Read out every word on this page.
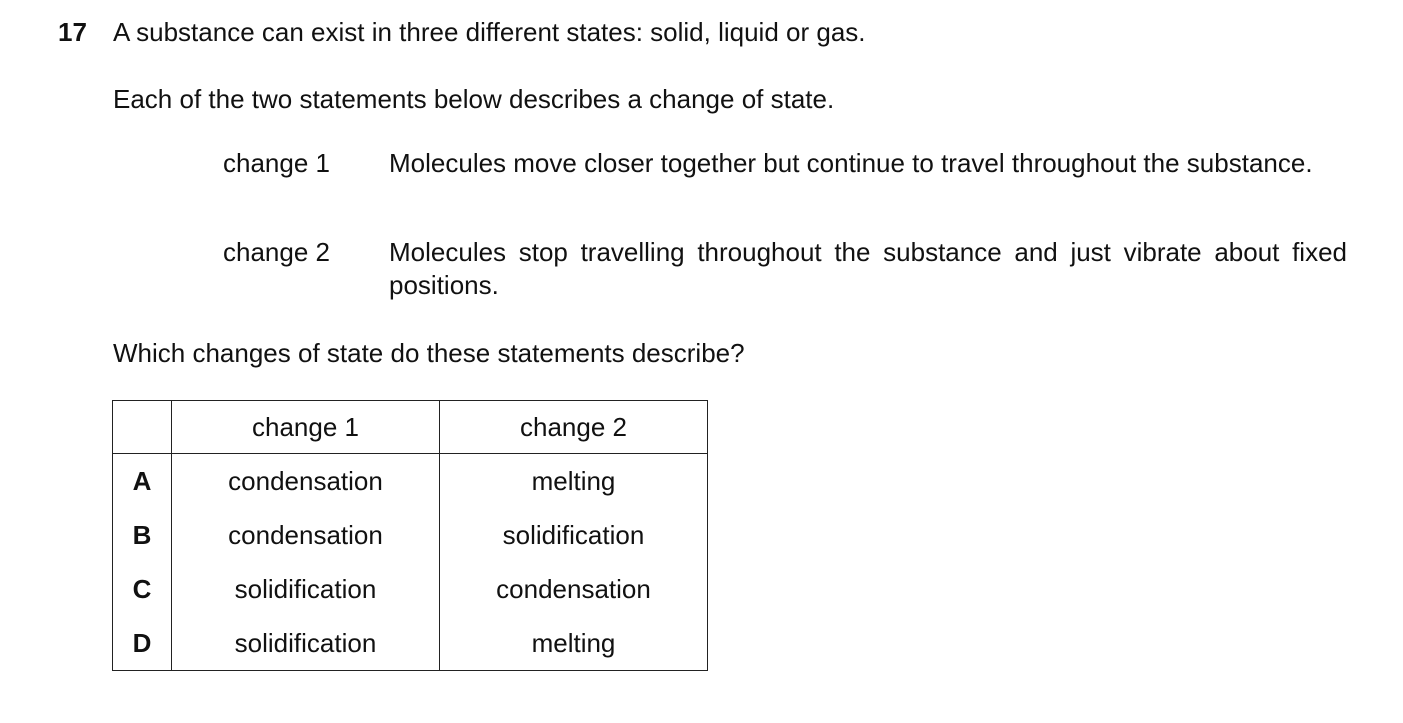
17 A substance can exist in three different states: solid, liquid or gas.
Each of the two statements below describes a change of state.
change 1 Molecules move closer together but continue to travel throughout the substance.
change 2 Molecules stop travelling throughout the substance and just vibrate about fixed positions.
Which changes of state do these statements describe?
	change 1	change 2
A	condensation	melting
B	condensation	solidification
C	solidification	condensation
D	solidification	melting
